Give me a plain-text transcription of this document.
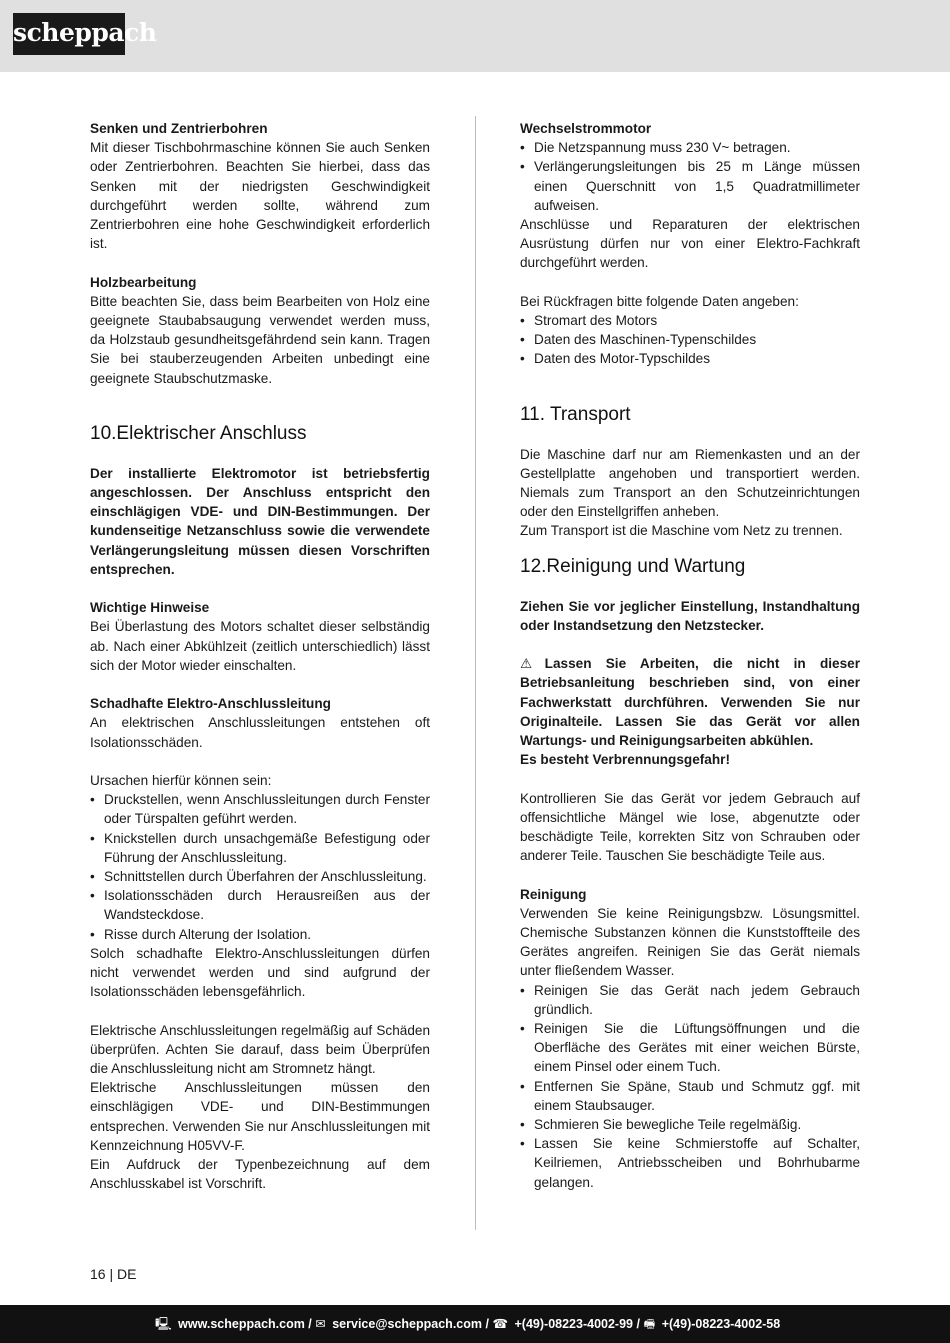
scheppach
Senken und Zentrierbohren

Mit dieser Tischbohrmaschine können Sie auch Senken oder Zentrierbohren. Beachten Sie hierbei, dass das Senken mit der niedrigsten Geschwindigkeit durchgeführt werden sollte, während zum Zentrierbohren eine hohe Geschwindigkeit erforderlich ist.

Holzbearbeitung

Bitte beachten Sie, dass beim Bearbeiten von Holz eine geeignete Staubabsaugung verwendet werden muss, da Holzstaub gesundheitsgefährdend sein kann. Tragen Sie bei stauberzeugenden Arbeiten unbedingt eine geeignete Staubschutzmaske.

10.Elektrischer Anschluss

Der installierte Elektromotor ist betriebsfertig angeschlossen. Der Anschluss entspricht den einschlägigen VDE- und DIN-Bestimmungen. Der kundenseitige Netzanschluss sowie die verwendete Verlängerungsleitung müssen diesen Vorschriften entsprechen.

Wichtige Hinweise

Bei Überlastung des Motors schaltet dieser selbständig ab. Nach einer Abkühlzeit (zeitlich unterschiedlich) lässt sich der Motor wieder einschalten.

Schadhafte Elektro-Anschlussleitung

An elektrischen Anschlussleitungen entstehen oft Isolationsschäden.

Ursachen hierfür können sein:

• Druckstellen, wenn Anschlussleitungen durch Fenster oder Türspalten geführt werden.
• Knickstellen durch unsachgemäße Befestigung oder Führung der Anschlussleitung.
• Schnittstellen durch Überfahren der Anschlussleitung.
• Isolationsschäden durch Herausreißen aus der Wandsteckdose.
• Risse durch Alterung der Isolation.

Solch schadhafte Elektro-Anschlussleitungen dürfen nicht verwendet werden und sind aufgrund der Isolationsschäden lebensgefährlich.

Elektrische Anschlussleitungen regelmäßig auf Schäden überprüfen. Achten Sie darauf, dass beim Überprüfen die Anschlussleitung nicht am Stromnetz hängt.

Elektrische Anschlussleitungen müssen den einschlägigen VDE- und DIN-Bestimmungen entsprechen. Verwenden Sie nur Anschlussleitungen mit Kennzeichnung H05VV-F.

Ein Aufdruck der Typenbezeichnung auf dem Anschlusskabel ist Vorschrift.

Wechselstrommotor
• Die Netzspannung muss 230 V~ betragen.
• Verlängerungsleitungen bis 25 m Länge müssen einen Querschnitt von 1,5 Quadratmillimeter aufweisen.

Anschlüsse und Reparaturen der elektrischen Ausrüstung dürfen nur von einer Elektro-Fachkraft durchgeführt werden.

Bei Rückfragen bitte folgende Daten angeben:

• Stromart des Motors
• Daten des Maschinen-Typenschildes
• Daten des Motor-Typschildes
11. Transport

Die Maschine darf nur am Riemenkasten und an der Gestellplatte angehoben und transportiert werden. Niemals zum Transport an den Schutzeinrichtungen oder den Einstellgriffen anheben.

Zum Transport ist die Maschine vom Netz zu trennen.

12.Reinigung und Wartung

Ziehen Sie vor jeglicher Einstellung, Instandhaltung oder Instandsetzung den Netzstecker.

⚠ Lassen Sie Arbeiten, die nicht in dieser Betriebsanleitung beschrieben sind, von einer Fachwerkstatt durchführen. Verwenden Sie nur Originalteile. Lassen Sie das Gerät vor allen Wartungs- und Reinigungsarbeiten abkühlen.

Es besteht Verbrennungsgefahr!

Kontrollieren Sie das Gerät vor jedem Gebrauch auf offensichtliche Mängel wie lose, abgenutzte oder beschädigte Teile, korrekten Sitz von Schrauben oder anderer Teile. Tauschen Sie beschädigte Teile aus.

Reinigung

Verwenden Sie keine Reinigungsbzw. Lösungsmittel. Chemische Substanzen können die Kunststoffteile des Gerätes angreifen. Reinigen Sie das Gerät niemals unter fließendem Wasser.

• Reinigen Sie das Gerät nach jedem Gebrauch gründlich.
• Reinigen Sie die Lüftungsöffnungen und die Oberfläche des Gerätes mit einer weichen Bürste, einem Pinsel oder einem Tuch.
• Entfernen Sie Späne, Staub und Schmutz ggf. mit einem Staubsauger.
• Schmieren Sie bewegliche Teile regelmäßig.
• Lassen Sie keine Schmierstoffe auf Schalter, Keilriemen, Antriebsscheiben und Bohrhubarme gelangen.
16 | DE
🖳 www.scheppach.com / ✉ service@scheppach.com / ☎ +(49)-08223-4002-99 / 🖷 +(49)-08223-4002-58
